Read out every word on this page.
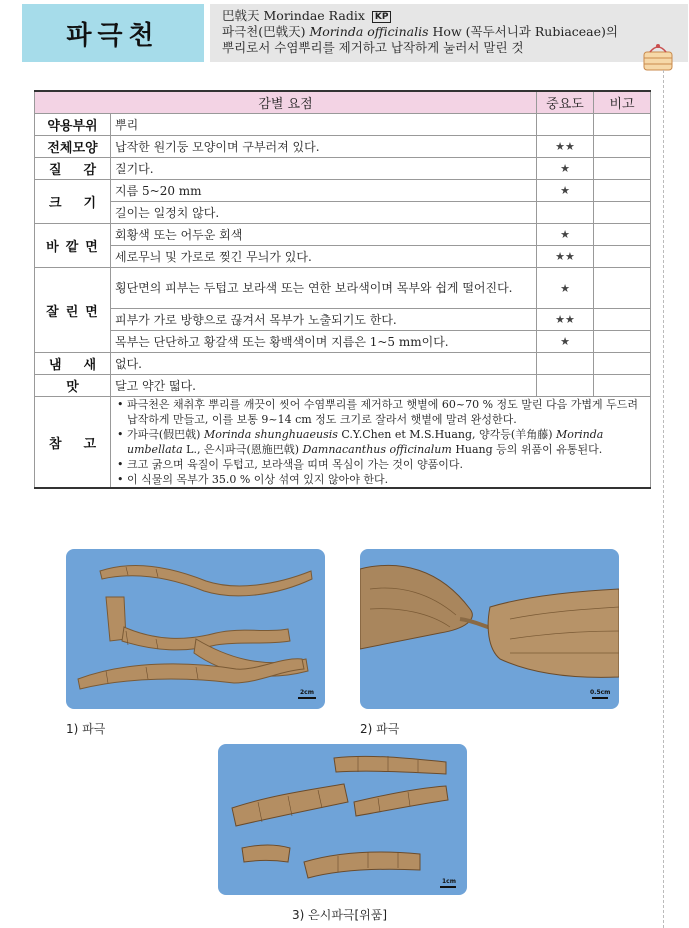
파극천
巴戟天 Morindae Radix KP
파극천(巴戟天) Morinda officinalis How (꼭두서니과 Rubiaceae)의
뿌리로서 수염뿌리를 제거하고 납작하게 눌러서 말린 것
감별 요점		중요도	비고
약용부위	뿌리		
전체모양	납작한 원기둥 모양이며 구부러져 있다.	★★	
질감	질기다.	★	
크기	지름 5~20 mm	★	
	길이는 일정치 않다.		
바깥면	회황색 또는 어두운 회색	★	
	세로무늬 및 가로로 찢긴 무늬가 있다.	★★	
잘린면	횡단면의 피부는 두텁고 보라색 또는 연한 보라색이며 목부와 쉽게 떨어진다.	★	
	피부가 가로 방향으로 끊겨서 목부가 노출되기도 한다.	★★	
	목부는 단단하고 황갈색 또는 황백색이며 지름은 1~5 mm이다.	★	
냄새	없다.		
맛	달고 약간 떫다.		
참고	• 파극천은 채취후 뿌리를 깨끗이 씻어 수염뿌리를 제거하고 햇볕에 60~70 % 정도 말린 다음 가볍게 두드려 납작하게 만들고, 이를 보통 9~14 cm 정도 크기로 잘라서 햇볕에 말려 완성한다.

• 가파극(假巴戟) Morinda shunghuaeusis C.Y.Chen et M.S.Huang, 양각등(羊角藤) Morinda umbellata L., 은시파극(恩施巴戟) Damnacanthus officinalum Huang 등의 위품이 유통된다.

• 크고 굵으며 육질이 두텁고, 보라색을 띠며 목심이 가는 것이 양품이다.

• 이 식물의 목부가 35.0 % 이상 섞여 있지 않아야 한다.		

2cm
1) 파극
0.5cm
2) 파극
1cm
3) 은시파극[위품]
